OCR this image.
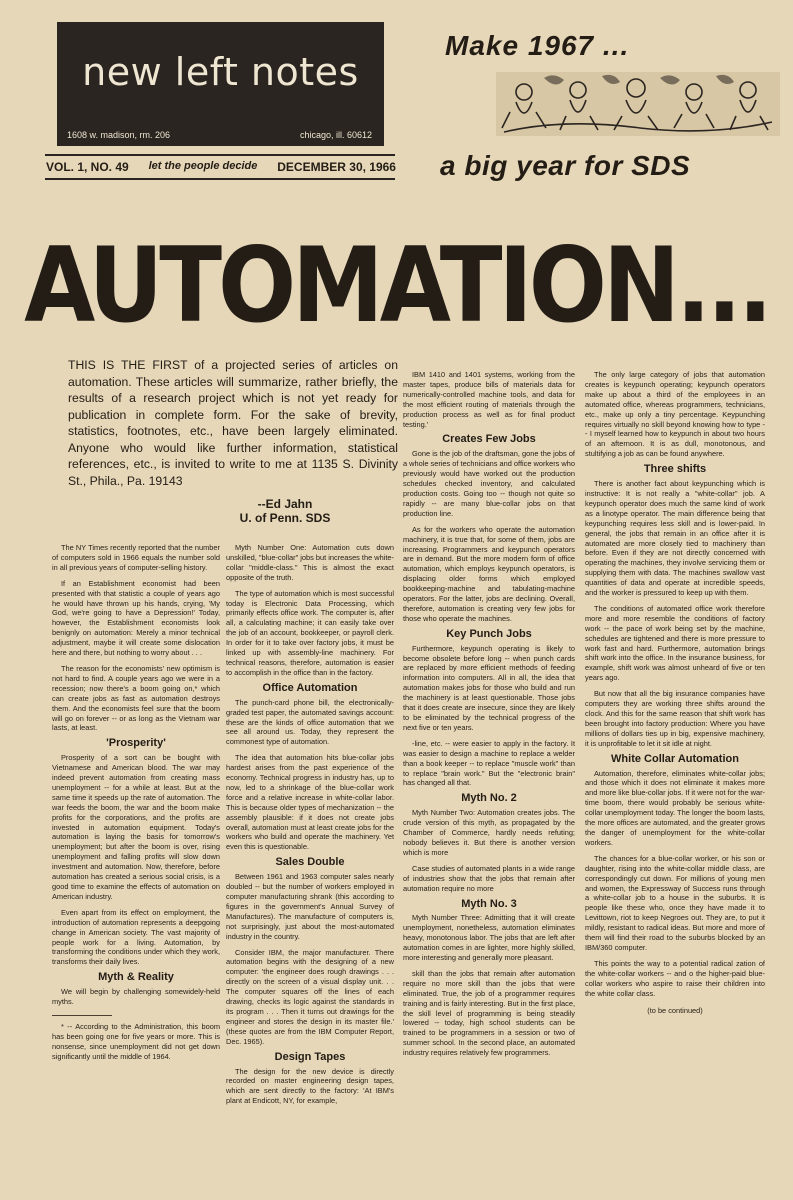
new left notes
1608 w. madison, rm. 206	chicago, ill. 60612
VOL. 1, NO. 49 let the people decide DECEMBER 30, 1966
Make 1967 ...
a big year for SDS
AUTOMATION...
THIS IS THE FIRST of a projected series of articles on automation. These articles will summarize, rather briefly, the results of a research project which is not yet ready for publication in complete form. For the sake of brevity, statistics, footnotes, etc., have been largely eliminated. Anyone who would like further information, statistical references, etc., is invited to write to me at 1135 S. Divinity St., Phila., Pa. 19143
--Ed Jahn
U. of Penn. SDS

The NY Times recently reported that the number of computers sold in 1966 equals the number sold in all previous years of computer-selling history.

If an Establishment economist had been presented with that statistic a couple of years ago he would have thrown up his hands, crying, 'My God, we're going to have a Depression!' Today, however, the Establishment economists look benignly on automation: Merely a minor technical adjustment, maybe it will create some dislocation here and there, but nothing to worry about . . .

The reason for the economists' new optimism is not hard to find. A couple years ago we were in a recession; now there's a boom going on,* which can create jobs as fast as automation destroys them. And the economists feel sure that the boom will go on forever -- or as long as the Vietnam war lasts, at least.

'Prosperity'

Prosperity of a sort can be bought with Vietnamese and American blood. The war may indeed prevent automation from creating mass unemployment -- for a while at least. But at the same time it speeds up the rate of automation. The war feeds the boom, the war and the boom make profits for the corporations, and the profits are invested in automation equipment. Today's automation is laying the basis for tomorrow's unemployment; but after the boom is over, rising unemployment and falling profits will slow down investment and automation. Now, therefore, before automation has created a serious social crisis, is a good time to examine the effects of automation on American industry.

Even apart from its effect on employment, the introduction of automation represents a deepgoing change in American society. The vast majority of people work for a living. Automation, by transforming the conditions under which they work, transforms their daily lives.

Myth & Reality

We will begin by challenging somewidely-held myths.

* -- According to the Administration, this boom has been going one for five years or more. This is nonsense, since unemployment did not get down significantly until the middle of 1964.

Myth Number One: Automation cuts down unskilled, "blue-collar" jobs but increases the white-collar "middle-class." This is almost the exact opposite of the truth.

The type of automation which is most successful today is Electronic Data Processing, which primarily effects office work. The computer is, after all, a calculating machine; it can easily take over the job of an account, bookkeeper, or payroll clerk. In order for it to take over factory jobs, it must be linked up with assembly-line machinery. For technical reasons, therefore, automation is easier to accomplish in the office than in the factory.

Office Automation

The punch-card phone bill, the electronically-graded test paper, the automated savings account: these are the kinds of office automation that we see all around us. Today, they represent the commonest type of automation.

The idea that automation hits blue-collar jobs hardest arises from the past experience of the economy. Technical progress in industry has, up to now, led to a shrinkage of the blue-collar work force and a relative increase in white-collar labor. This is because older types of mechanization -- the assembly plausible: if it does not create jobs overall, automation must at least create jobs for the workers who build and operate the machinery. Yet even this is questionable.

Sales Double

Between 1961 and 1963 computer sales nearly doubled -- but the number of workers employed in computer manufacturing shrank (this according to figures in the government's Annual Survey of Manufactures). The manufacture of computers is, not surprisingly, just about the most-automated industry in the country.

Consider IBM, the major manufacturer. There automation begins with the designing of a new computer: 'the engineer does rough drawings . . . directly on the screen of a visual display unit. . . The computer squares off the lines of each drawing, checks its logic against the standards in its program . . . Then it turns out drawings for the engineer and stores the design in its master file.' (these quotes are from the IBM Computer Report, Dec. 1965).

Design Tapes

The design for the new device is directly recorded on master engineering design tapes, which are sent directly to the factory: 'At IBM's plant at Endicott, NY, for example,

IBM 1410 and 1401 systems, working from the master tapes, produce bills of materials data for numerically-controlled machine tools, and data for the most efficient routing of materials through the production process as well as for final product testing.'

Creates Few Jobs

Gone is the job of the draftsman, gone the jobs of a whole series of technicians and office workers who previously would have worked out the production schedules checked inventory, and calculated production costs. Going too -- though not quite so rapidly -- are many blue-collar jobs on that production line.

As for the workers who operate the automation machinery, it is true that, for some of them, jobs are increasing. Programmers and keypunch operators are in demand. But the more modern form of office automation, which employs keypunch operators, is displacing older forms which employed bookkeeping-machine and tabulating-machine operators. For the latter, jobs are declining. Overall, therefore, automation is creating very few jobs for those who operate the machines.

Key Punch Jobs

Furthermore, keypunch operating is likely to become obsolete before long -- when punch cards are replaced by more efficient methods of feeding information into computers. All in all, the idea that automation makes jobs for those who build and run the machinery is at least questionable. Those jobs that it does create are insecure, since they are likely to be eliminated by the technical progress of the next five or ten years.

-line, etc. -- were easier to apply in the factory. It was easier to design a machine to replace a welder than a book keeper -- to replace "muscle work" than to replace "brain work." But the "electronic brain" has changed all that.

Myth No. 2

Myth Number Two: Automation creates jobs. The crude version of this myth, as propagated by the Chamber of Commerce, hardly needs refuting; nobody believes it. But there is another version which is more

Case studies of automated plants in a wide range of industries show that the jobs that remain after automation require no more

Myth No. 3

Myth Number Three: Admitting that it will create unemployment, nonetheless, automation eliminates heavy, monotonous labor. The jobs that are left after automation comes in are lighter, more highly skilled, more interesting and generally more pleasant.

skill than the jobs that remain after automation require no more skill than the jobs that were eliminated. True, the job of a programmer requires training and is fairly interesting. But in the first place, the skill level of programming is being steadily lowered -- today, high school students can be trained to be programmers in a session or two of summer school. In the second place, an automated industry requires relatively few programmers.

The only large category of jobs that automation creates is keypunch operating; keypunch operators make up about a third of the employees in an automated office, whereas programmers, technicians, etc., make up only a tiny percentage. Keypunching requires virtually no skill beyond knowing how to type -- I myself learned how to keypunch in about two hours of an afternoon. It is as dull, monotonous, and stultifying a job as can be found anywhere.

Three shifts

There is another fact about keypunching which is instructive: It is not really a "white-collar" job. A keypunch operator does much the same kind of work as a linotype operator. The main difference being that keypunching requires less skill and is lower-paid. In general, the jobs that remain in an office after it is automated are more closely tied to machinery than before. Even if they are not directly concerned with operating the machines, they involve servicing them or supplying them with data. The machines swallow vast quantities of data and operate at incredible speeds, and the worker is pressured to keep up with them.

The conditions of automated office work therefore more and more resemble the conditions of factory work -- the pace of work being set by the machine, schedules are tightened and there is more pressure to work fast and hard. Furthermore, automation brings shift work into the office. In the insurance business, for example, shift work was almost unheard of five or ten years ago.

But now that all the big insurance companies have computers they are working three shifts around the clock. And this for the same reason that shift work has been brought into factory production: Where you have millions of dollars ties up in big, expensive machinery, it is unprofitable to let it sit idle at night.

White Collar Automation

Automation, therefore, eliminates white-collar jobs; and those which it does not eliminate it makes more and more like blue-collar jobs. If it were not for the war-time boom, there would probably be serious white-collar unemployment today. The longer the boom lasts, the more offices are automated, and the greater grows the danger of unemployment for the white-collar workers.

The chances for a blue-collar worker, or his son or daughter, rising into the white-collar middle class, are correspondingly cut down. For millions of young men and women, the Expressway of Success runs through a white-collar job to a house in the suburbs. It is people like these who, once they have made it to Levittown, riot to keep Negroes out. They are, to put it mildly, resistant to radical ideas. But more and more of them will find their road to the suburbs blocked by an IBM/360 computer.

This points the way to a potential radical zation of the white-collar workers -- and o the higher-paid blue-collar workers who aspire to raise their children into the white collar class.

(to be continued)
